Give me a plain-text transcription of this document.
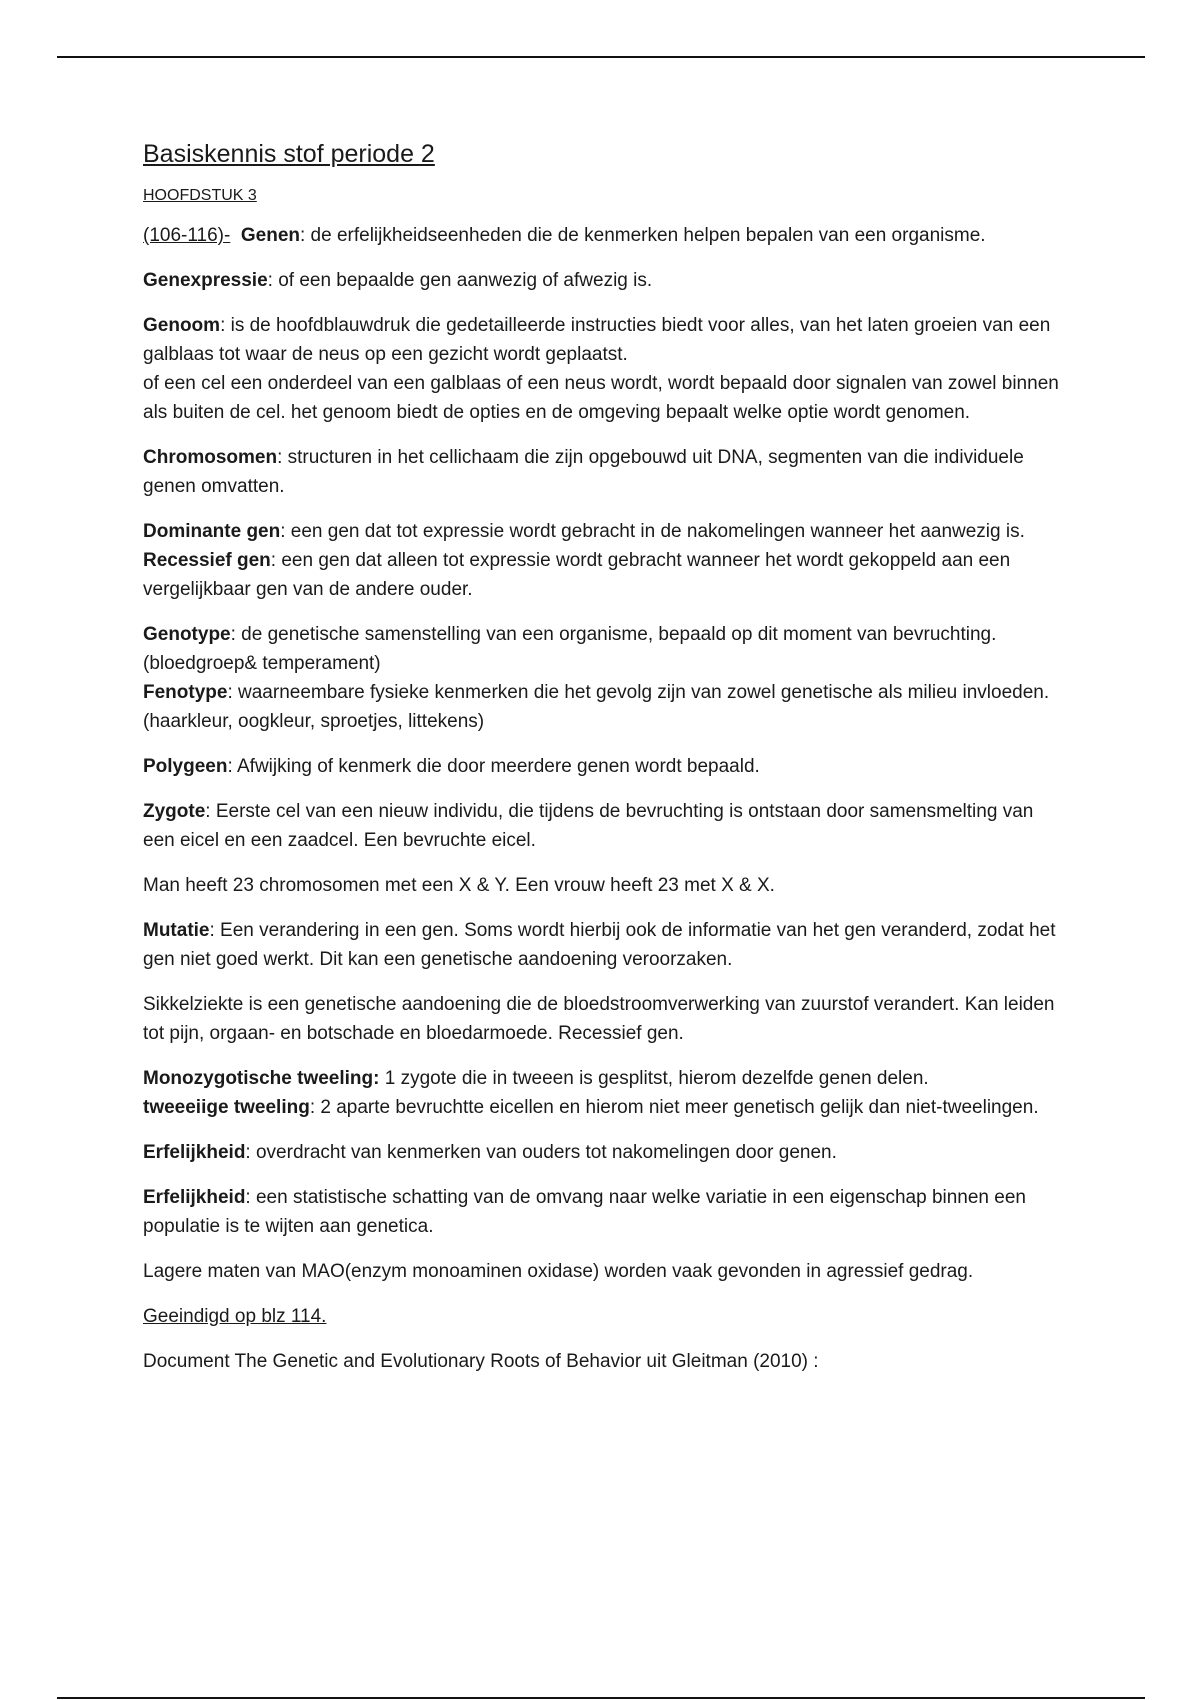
Basiskennis stof periode 2
HOOFDSTUK 3

(106-116)- Genen: de erfelijkheidseenheden die de kenmerken helpen bepalen van een organisme.

Genexpressie: of een bepaalde gen aanwezig of afwezig is.

Genoom: is de hoofdblauwdruk die gedetailleerde instructies biedt voor alles, van het laten groeien van een galblaas tot waar de neus op een gezicht wordt geplaatst.
of een cel een onderdeel van een galblaas of een neus wordt, wordt bepaald door signalen van zowel binnen als buiten de cel. het genoom biedt de opties en de omgeving bepaalt welke optie wordt genomen.

Chromosomen: structuren in het cellichaam die zijn opgebouwd uit DNA, segmenten van die individuele genen omvatten.

Dominante gen: een gen dat tot expressie wordt gebracht in de nakomelingen wanneer het aanwezig is.
Recessief gen: een gen dat alleen tot expressie wordt gebracht wanneer het wordt gekoppeld aan een vergelijkbaar gen van de andere ouder.

Genotype: de genetische samenstelling van een organisme, bepaald op dit moment van bevruchting. (bloedgroep& temperament)
Fenotype: waarneembare fysieke kenmerken die het gevolg zijn van zowel genetische als milieu invloeden. (haarkleur, oogkleur, sproetjes, littekens)

Polygeen: Afwijking of kenmerk die door meerdere genen wordt bepaald.

Zygote: Eerste cel van een nieuw individu, die tijdens de bevruchting is ontstaan door samensmelting van een eicel en een zaadcel. Een bevruchte eicel.

Man heeft 23 chromosomen met een X & Y. Een vrouw heeft 23 met X & X.

Mutatie: Een verandering in een gen. Soms wordt hierbij ook de informatie van het gen veranderd, zodat het gen niet goed werkt. Dit kan een genetische aandoening veroorzaken.

Sikkelziekte is een genetische aandoening die de bloedstroomverwerking van zuurstof verandert. Kan leiden tot pijn, orgaan- en botschade en bloedarmoede. Recessief gen.

Monozygotische tweeling: 1 zygote die in tweeen is gesplitst, hierom dezelfde genen delen.
tweeeiige tweeling: 2 aparte bevruchtte eicellen en hierom niet meer genetisch gelijk dan niet-tweelingen.

Erfelijkheid: overdracht van kenmerken van ouders tot nakomelingen door genen.

Erfelijkheid: een statistische schatting van de omvang naar welke variatie in een eigenschap binnen een populatie is te wijten aan genetica.

Lagere maten van MAO(enzym monoaminen oxidase) worden vaak gevonden in agressief gedrag.

Geeindigd op blz 114.

Document The Genetic and Evolutionary Roots of Behavior uit Gleitman (2010) :
